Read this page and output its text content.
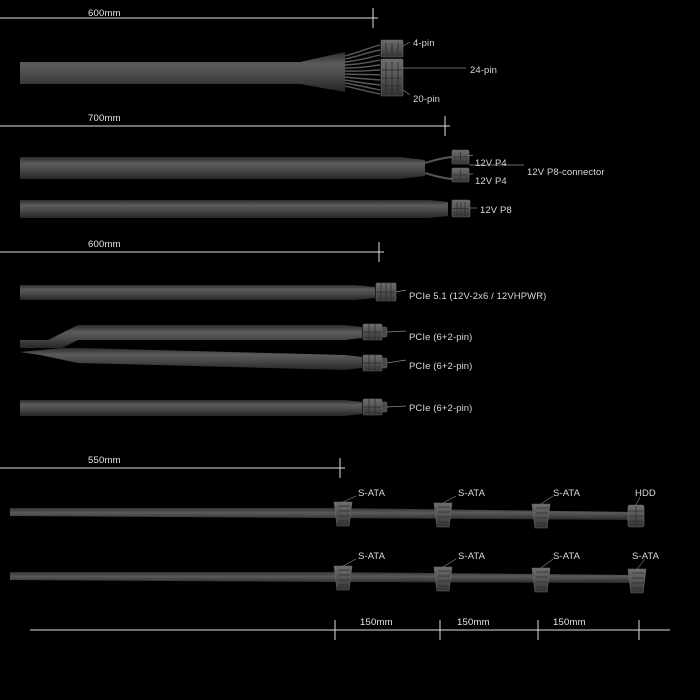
600mm
700mm
600mm
550mm
150mm	150mm	150mm
4-pin
24-pin
20-pin
12V P4
12V P8-connector
12V P4
12V P8
PCIe 5.1 (12V-2x6 / 12VHPWR)
PCIe (6+2-pin)
PCIe (6+2-pin)
PCIe (6+2-pin)
S-ATA	S-ATA	S-ATA	HDD
S-ATA	S-ATA	S-ATA	S-ATA
